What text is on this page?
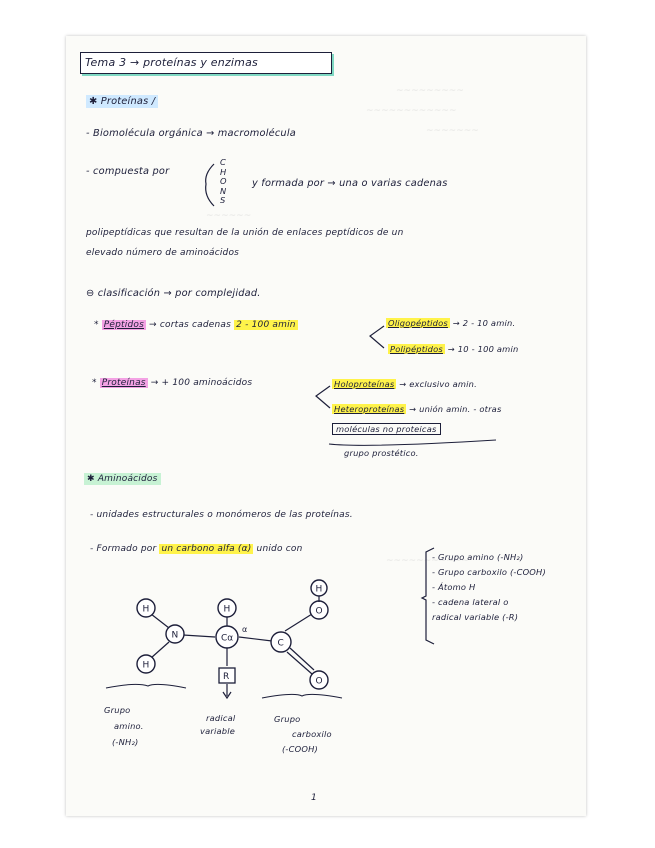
~~~~~~~~~
~~~~~~~~~~~~
~~~~~~~
~~~~~~
~~~~~~~~~~~
Tema 3 → proteínas y enzimas
✱ Proteínas /
- Biomolécula orgánica → macromolécula
- compuesta por
C
H
O
N
S
y formada por → una o varias cadenas
polipeptídicas que resultan de la unión de enlaces peptídicos de un
elevado número de aminoácidos
⊖ clasificación → por complejidad.
* Péptidos → cortas cadenas 2 - 100 amin	Oligopéptidos → 2 - 10 amin.
Polipéptidos → 10 - 100 amin
* Proteínas → + 100 aminoácidos	Holoproteínas → exclusivo amin.
Heteroproteínas → unión amin. - otras
moléculas no proteicas
grupo prostético.
✱ Aminoácidos
- unidades estructurales o monómeros de las proteínas.
- Formado por un carbono alfa (α) unido con
- Grupo amino (-NH₂)
- Grupo carboxilo (-COOH)
- Átomo H
- cadena lateral o
radical variable (-R)
H
H
N
H
Cα
α
R
C
O
H
O
Grupo
amino.
(-NH₂)
radical
variable
Grupo
carboxilo
(-COOH)
1
